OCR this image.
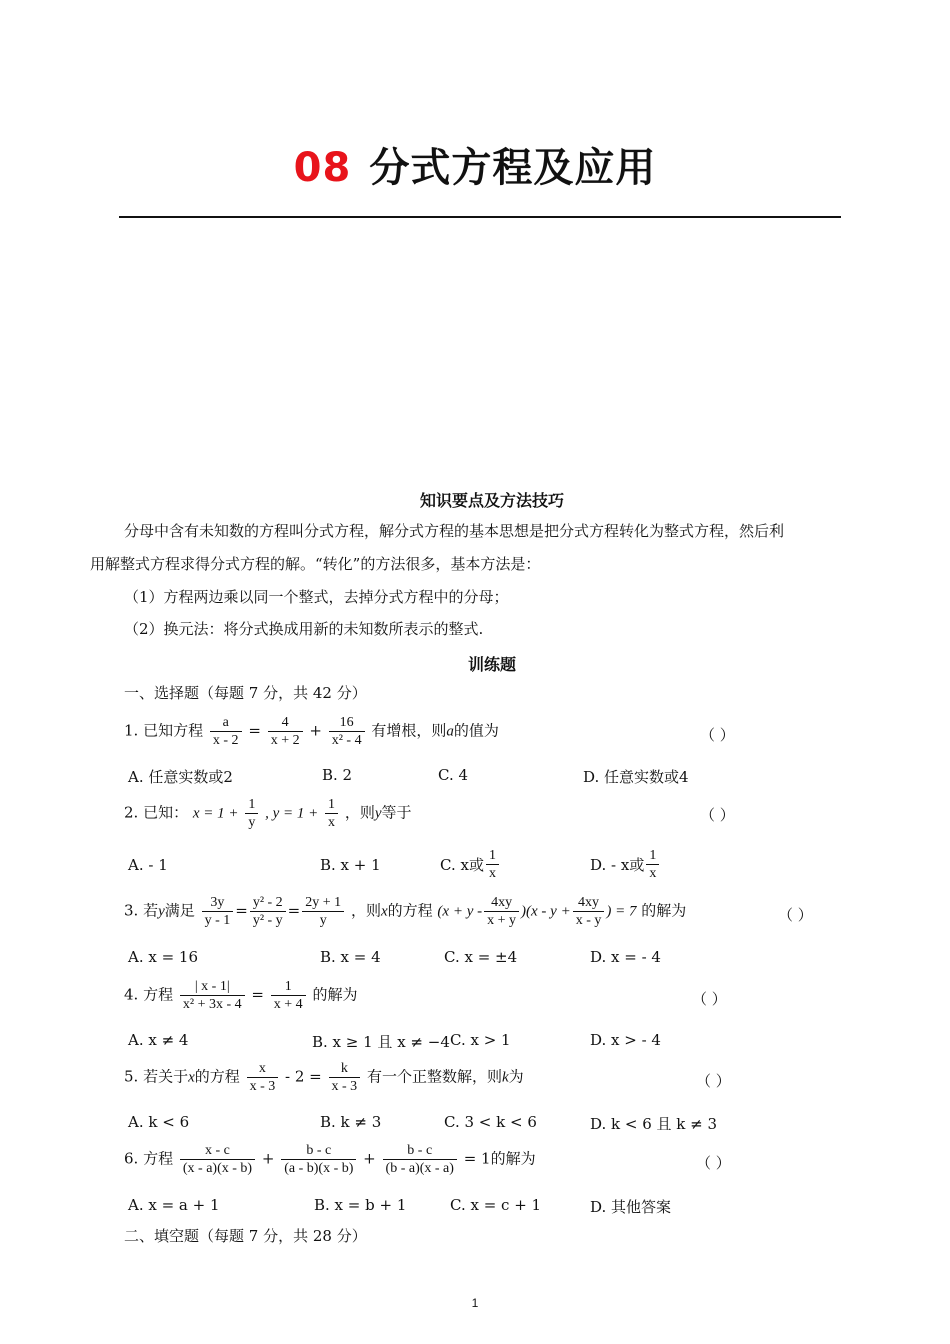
08 分式方程及应用
知识要点及方法技巧
分母中含有未知数的方程叫分式方程，解分式方程的基本思想是把分式方程转化为整式方程，然后利
用解整式方程求得分式方程的解。“转化”的方法很多，基本方法是：
（1）方程两边乘以同一个整式，去掉分式方程中的分母；
（2）换元法：将分式换成用新的未知数所表示的整式.
训练题
一、选择题（每题 7 分，共 42 分）
1. 已知方程 $\frac{a}{x - 2} = \frac{4}{x + 2} + \frac{16}{\text{x² - 4}}$ 有增根，则a的值为	（ ）
A. 任意实数或2	B. 2	C. 4	D. 任意实数或4
2. 已知： $x = 1 + \frac{1}{y}$ , $y = 1 + \frac{1}{x}$ ，则y等于	（ ）
A. - 1	B. x + 1	C. x或 $\frac{1}{x}$	D. - x或 $\frac{1}{x}$
3. 若y满足 $\frac{3y}{y - 1} = \frac{\text{y² - 2}}{\text{y² - y}} = \frac{2y + 1}{y}$ ，则x的方程 $(x + y - \frac{4xy}{x + y} )(x - y + \frac{4xy}{x - y}$ ) = 7 的解为	（ ）
A. x = 16	B. x = 4	C. x = ±4	D. x = - 4
4. 方程 $\frac{| x - 1|}{\text{x² + 3x - 4}} = \frac{1}{x + 4}$ 的解为	（ ）
A. x ≠ 4	B. x ≥ 1 且 x ≠ −4 C. x > 1	D. x > - 4
5. 若关于x的方程 $\frac{x}{x - 3} - 2 = \frac{k}{x - 3}$ 有一个正整数解，则k为	（ ）
A. k < 6	B. k ≠ 3	C. 3 < k < 6	D. k < 6 且 k ≠ 3
6. 方程 $\frac{x - c}{(x - a)(x - b)} + \frac{b - c}{(a - b)(x - b)} + \frac{b - c}{(b - a)(x - a)} = 1$的解为	（ ）
A. x = a + 1	B. x = b + 1	C. x = c + 1	D. 其他答案
二、填空题（每题 7 分，共 28 分）
1
